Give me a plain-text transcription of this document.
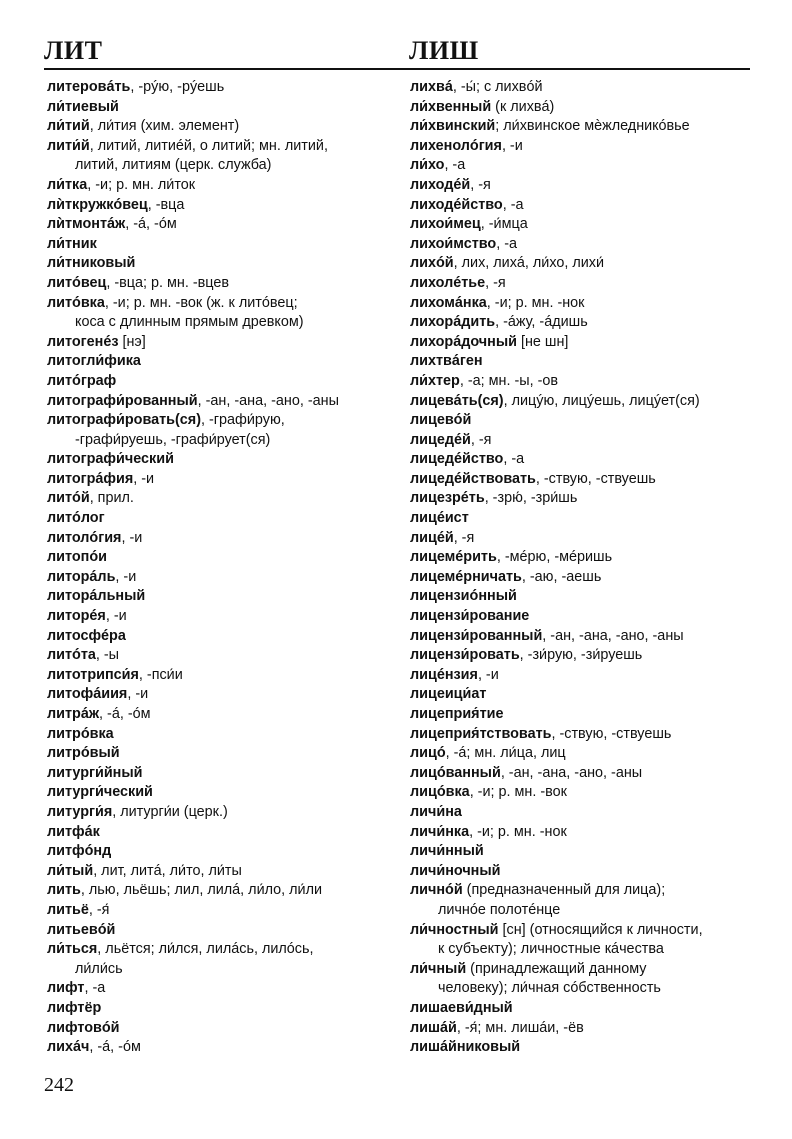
ЛИТ	ЛИШ
литеровáть, -рýю, -рýешь
ли́тиевый
ли́тий, ли́тия (хим. элемент)
лити́й, литий, литиéй, о литий; мн. литий,
литий, литиям (церк. служба)
ли́тка, -и; р. мн. ли́ток
лѝткружкóвец, -вца
лѝтмонтáж, -á, -óм
ли́тник
ли́тниковый
литóвец, -вца; р. мн. -вцев
литóвка, -и; р. мн. -вок (ж. к литóвец;
коса с длинным прямым древком)
литогенéз [нэ]
литогли́фика
литóграф
литографи́рованный, -ан, -ана, -ано, -аны
литографи́ровать(ся), -графи́рую,
-графи́руешь, -графи́рует(ся)
литографи́ческий
литогрáфия, -и
литóй, прил.
литóлог
литолóгия, -и
литопóи
литорáль, -и
литорáльный
литорéя, -и
литосфéра
литóта, -ы
литотрипси́я, -пси́и
литофáиия, -и
литрáж, -á, -óм
литрóвка
литрóвый
литурги́йный
литурги́ческий
литурги́я, литурги́и (церк.)
литфáк
литфóнд
ли́тый, лит, литá, ли́то, ли́ты
лить, лью, льёшь; лил, лилá, ли́ло, ли́ли
литьё, -я́
литьевóй
ли́ться, льётся; ли́лся, лилáсь, лилóсь,
ли́ли́сь
лифт, -а
лифтёр
лифтовóй
лихáч, -á, -óм
лихвá, -ы́; с лихвóй
ли́хвенный (к лихвá)
ли́хвинский; ли́хвинское мѐжледникóвье
лихенолóгия, -и
ли́хо, -а
лиходéй, -я
лиходéйство, -а
лихои́мец, -и́мца
лихои́мство, -а
лихóй, лих, лихá, ли́хо, лихи́
лихолéтье, -я
лихомáнка, -и; р. мн. -нок
лихорáдить, -áжу, -áдишь
лихорáдочный [не шн]
лихтвáген
ли́хтер, -а; мн. -ы, -ов
лицевáть(ся), лицýю, лицýешь, лицýет(ся)
лицевóй
лицедéй, -я
лицедéйство, -а
лицедéйствовать, -ствую, -ствуешь
лицезрéть, -зрю́, -зри́шь
лицéист
лицéй, -я
лицемéрить, -мéрю, -мéришь
лицемéрничать, -аю, -аешь
лицензиóнный
лицензи́рование
лицензи́рованный, -ан, -ана, -ано, -аны
лицензи́ровать, -зи́рую, -зи́руешь
лицéнзия, -и
лицеици́ат
лицеприя́тие
лицеприя́тствовать, -ствую, -ствуешь
лицó, -á; мн. ли́ца, лиц
лицóванный, -ан, -ана, -ано, -аны
лицóвка, -и; р. мн. -вок
личи́на
личи́нка, -и; р. мн. -нок
личи́нный
личи́ночный
личнóй (предназначенный для лица);
личнóе полотéнце
ли́чностный [сн] (относящийся к личности,
к субъекту); личностные кáчества
ли́чный (принадлежащий данному
человеку); ли́чная сóбственность
лишаеви́дный
лишáй, -я́; мн. лишáи, -ёв
лишáйниковый
242
